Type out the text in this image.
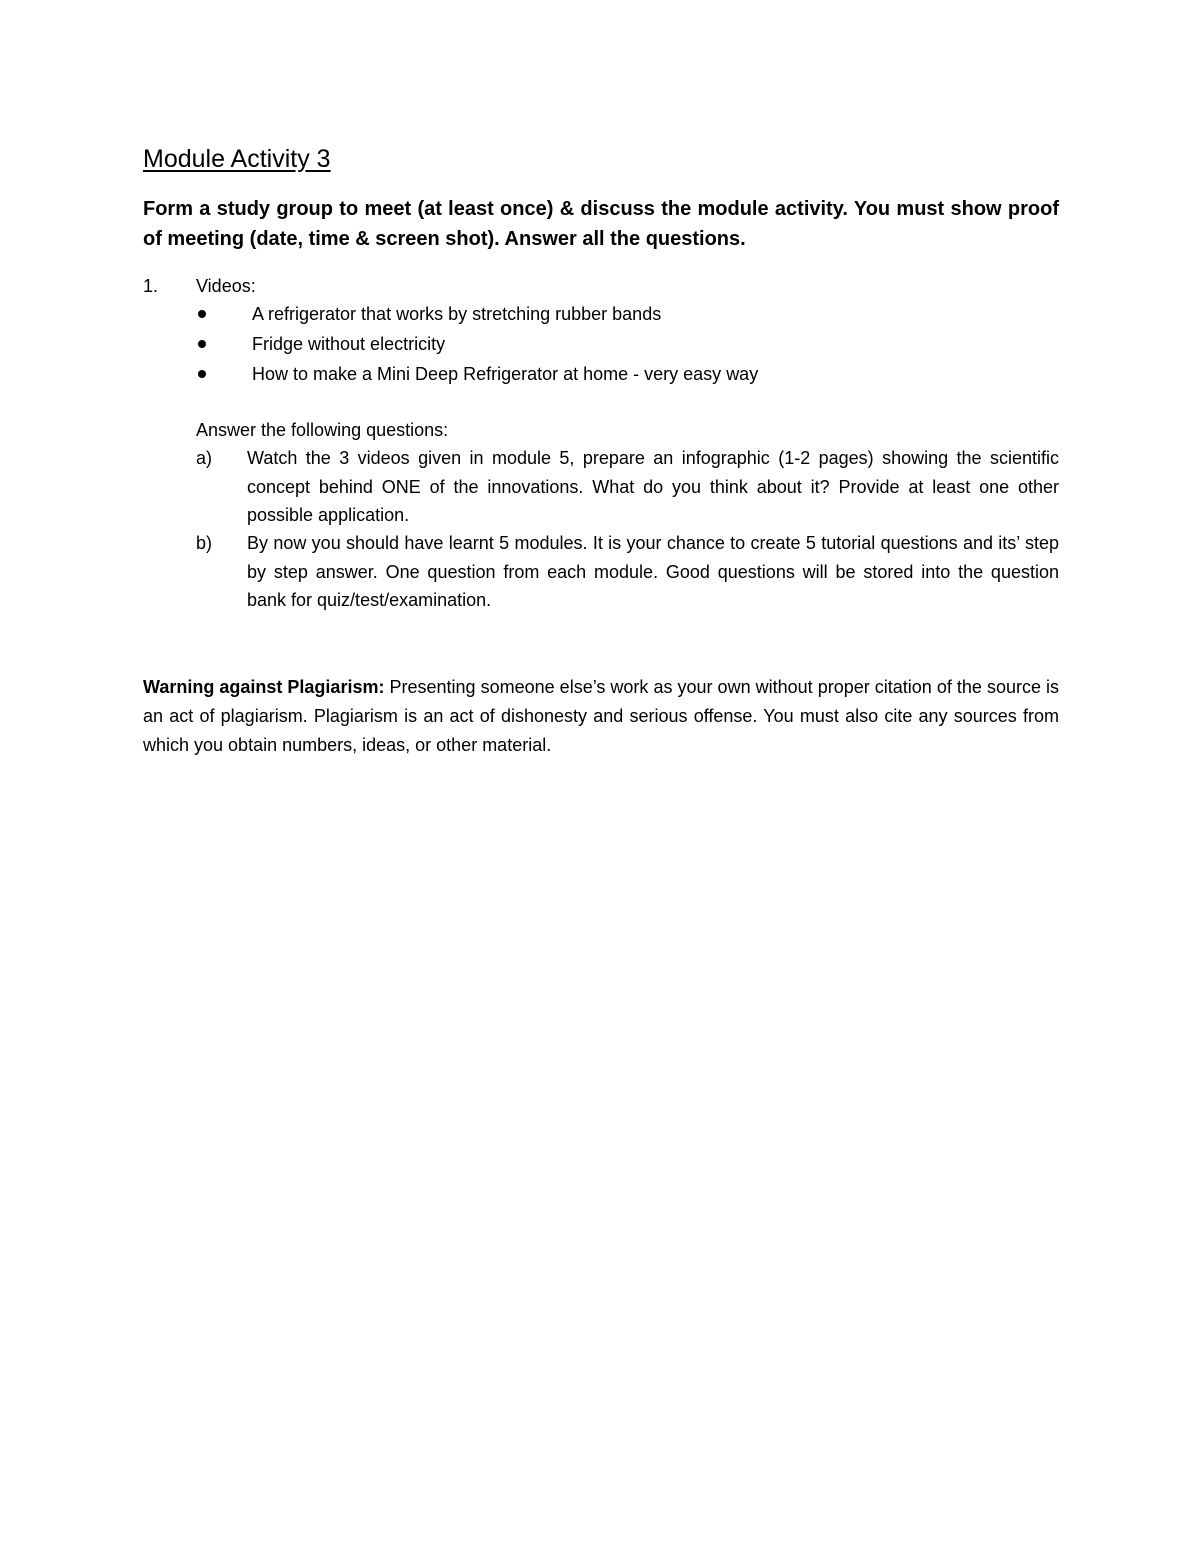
Module Activity 3
Form a study group to meet (at least once) & discuss the module activity. You must show proof of meeting (date, time & screen shot). Answer all the questions.
1. Videos:
A refrigerator that works by stretching rubber bands
Fridge without electricity
How to make a Mini Deep Refrigerator at home - very easy way
Answer the following questions:
a) Watch the 3 videos given in module 5, prepare an infographic (1-2 pages) showing the scientific concept behind ONE of the innovations. What do you think about it? Provide at least one other possible application.
b) By now you should have learnt 5 modules. It is your chance to create 5 tutorial questions and its’ step by step answer. One question from each module. Good questions will be stored into the question bank for quiz/test/examination.
Warning against Plagiarism: Presenting someone else’s work as your own without proper citation of the source is an act of plagiarism. Plagiarism is an act of dishonesty and serious offense. You must also cite any sources from which you obtain numbers, ideas, or other material.
